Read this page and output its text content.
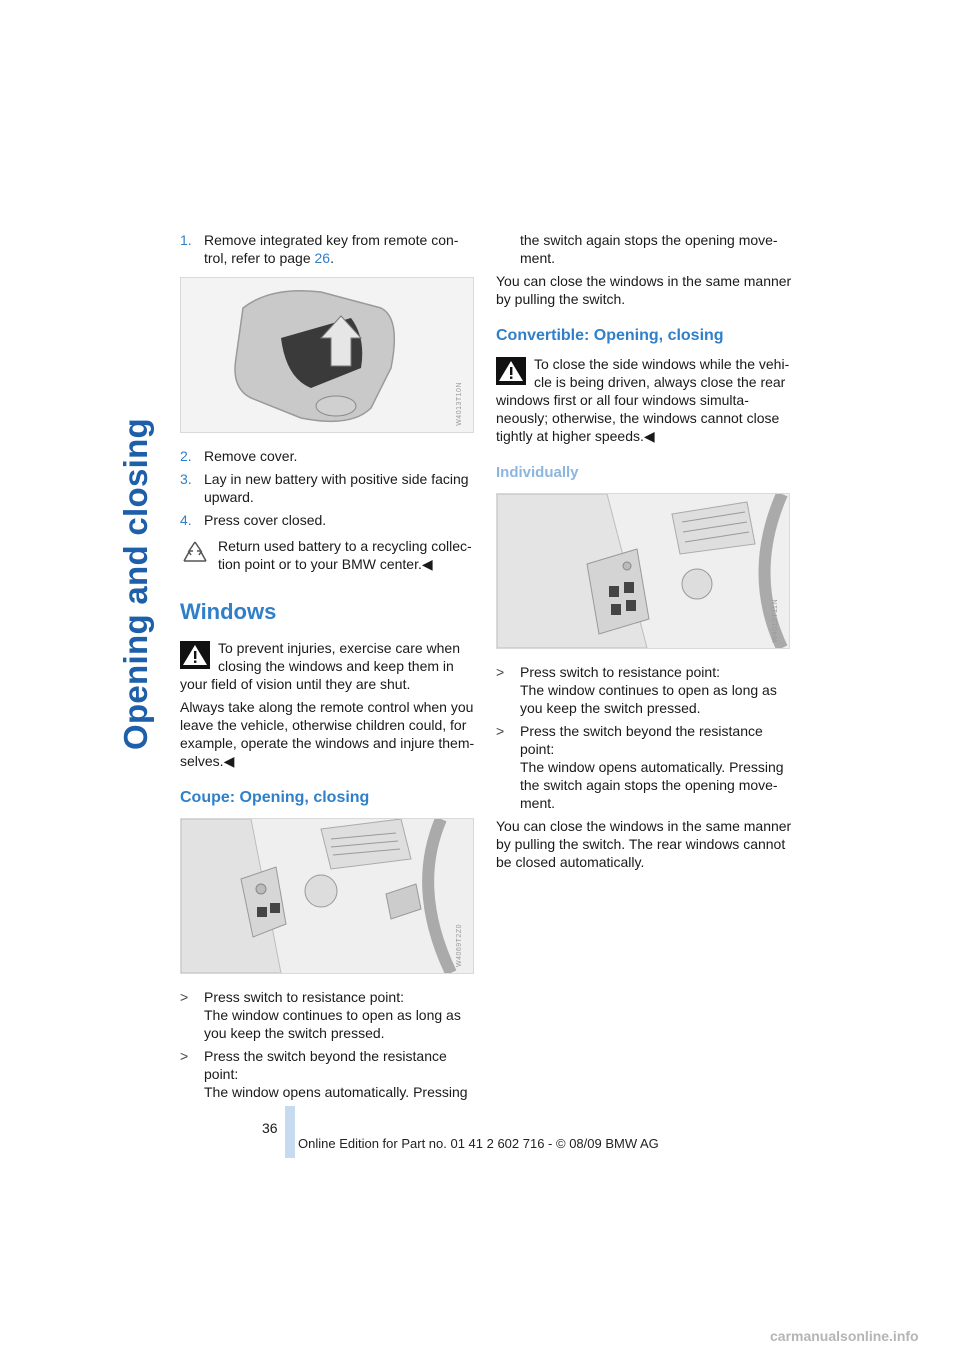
Opening and closing
1. Remove integrated key from remote con-trol, refer to page 26.
W4013T10N
2. Remove cover.
3. Lay in new battery with positive side facing upward.
4. Press cover closed.
Return used battery to a recycling collec-tion point or to your BMW center.◀
Windows
To prevent injuries, exercise care when closing the windows and keep them in your field of vision until they are shut.

Always take along the remote control when you leave the vehicle, otherwise children could, for example, operate the windows and injure them-selves.◀

Coupe: Opening, closing
W4069T2Z0
> Press switch to resistance point:
The window continues to open as long as you keep the switch pressed.
> Press the switch beyond the resistance point:
The window opens automatically. Pressing

the switch again stops the opening move-ment.

You can close the windows in the same manner by pulling the switch.

Convertible: Opening, closing
To close the side windows while the vehi-cle is being driven, always close the rear windows first or all four windows simulta-neously; otherwise, the windows cannot close tightly at higher speeds.◀
Individually
W4013T11N
> Press switch to resistance point:
The window continues to open as long as you keep the switch pressed.
> Press the switch beyond the resistance point:
The window opens automatically. Pressing the switch again stops the opening move-ment.

You can close the windows in the same manner by pulling the switch. The rear windows cannot be closed automatically.

36
Online Edition for Part no. 01 41 2 602 716 - © 08/09 BMW AG
carmanualsonline.info
